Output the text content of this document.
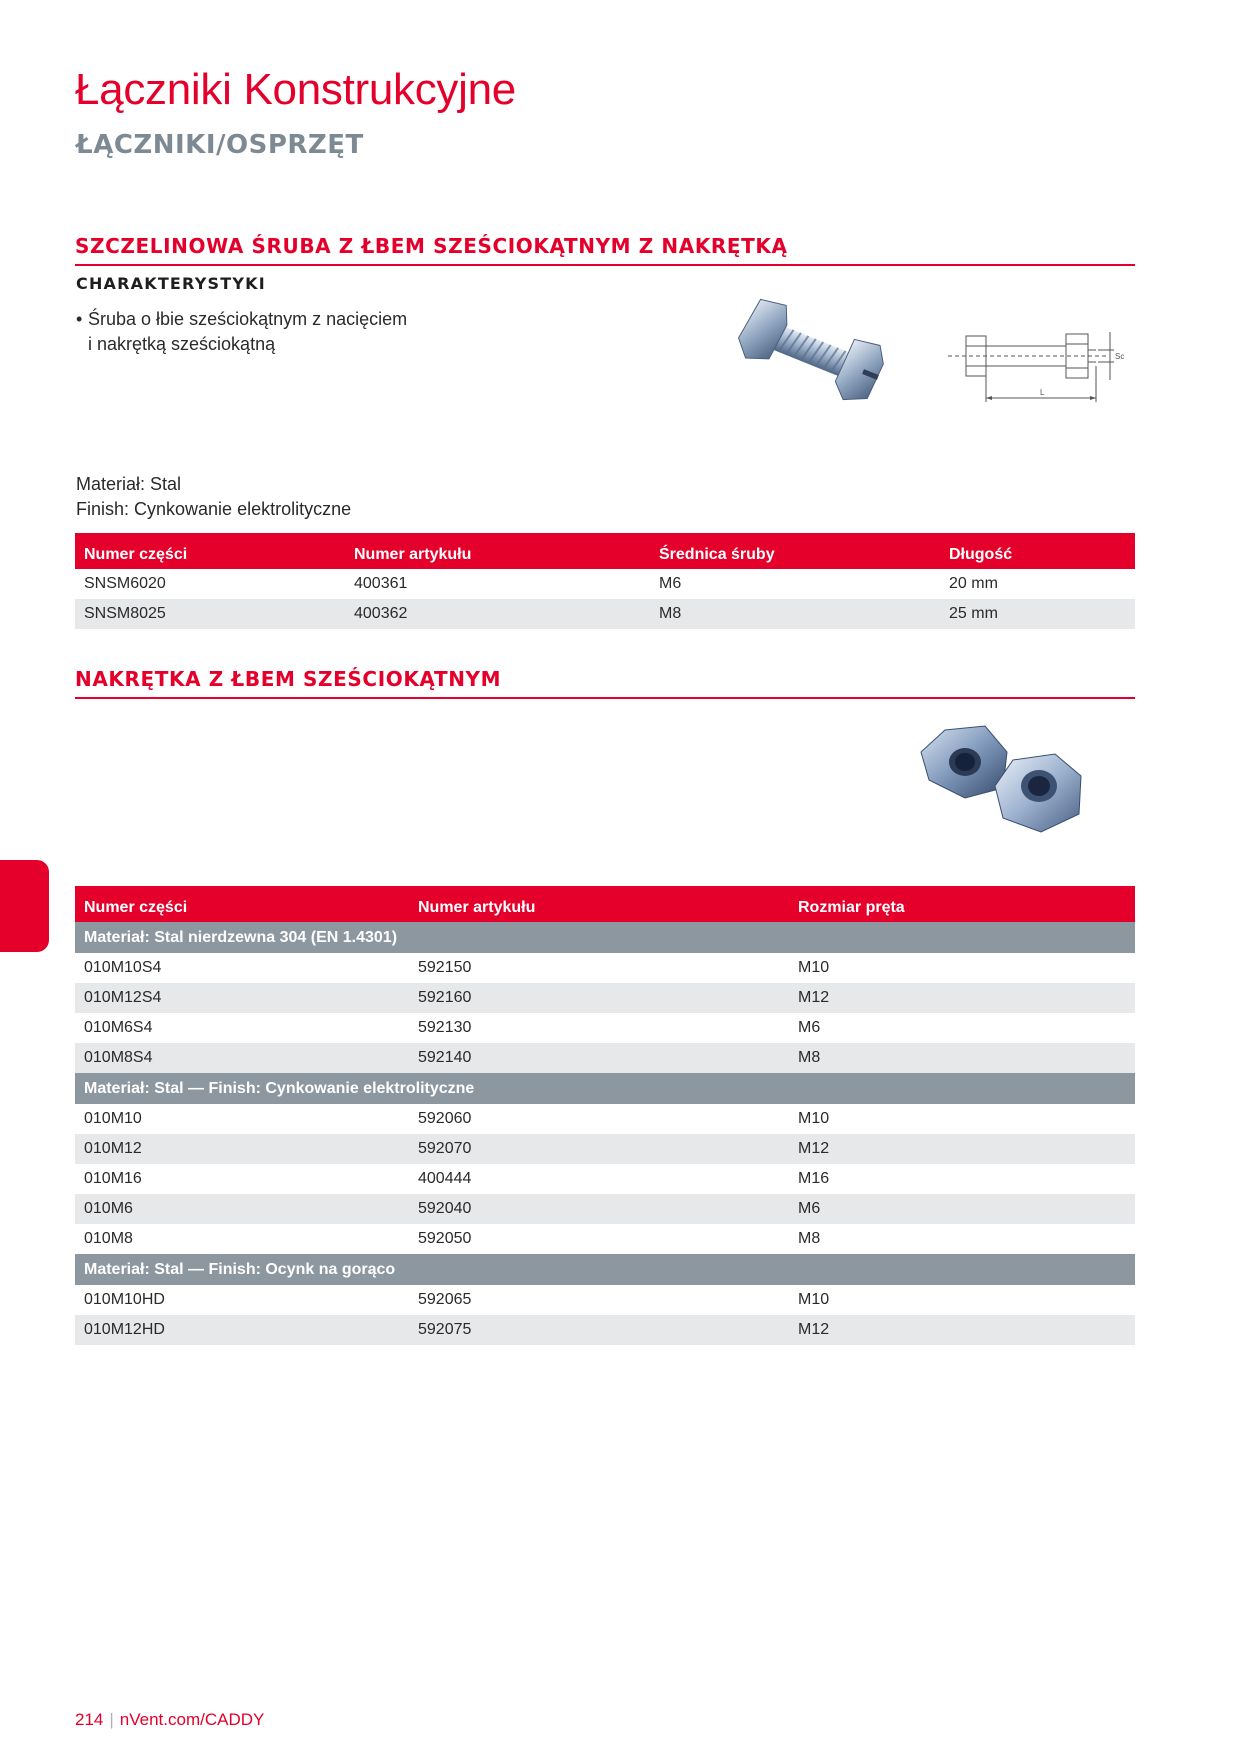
Łączniki Konstrukcyjne
ŁĄCZNIKI/OSPRZĘT
SZCZELINOWA ŚRUBA Z ŁBEM SZEŚCIOKĄTNYM Z NAKRĘTKĄ
CHARAKTERYSTYKI
• Śruba o łbie sześciokątnym z nacięciem
i nakrętką sześciokątną
L
Sc
Materiał: Stal
Finish: Cynkowanie elektrolityczne
Numer części	Numer artykułu	Średnica śruby	Długość
SNSM6020	400361	M6	20 mm
SNSM8025	400362	M8	25 mm
NAKRĘTKA Z ŁBEM SZEŚCIOKĄTNYM
Numer części	Numer artykułu	Rozmiar pręta
Materiał: Stal nierdzewna 304 (EN 1.4301)		
010M10S4	592150	M10
010M12S4	592160	M12
010M6S4	592130	M6
010M8S4	592140	M8
Materiał: Stal — Finish: Cynkowanie elektrolityczne		
010M10	592060	M10
010M12	592070	M12
010M16	400444	M16
010M6	592040	M6
010M8	592050	M8
Materiał: Stal — Finish: Ocynk na gorąco		
010M10HD	592065	M10
010M12HD	592075	M12
214 | nVent.com/CADDY
